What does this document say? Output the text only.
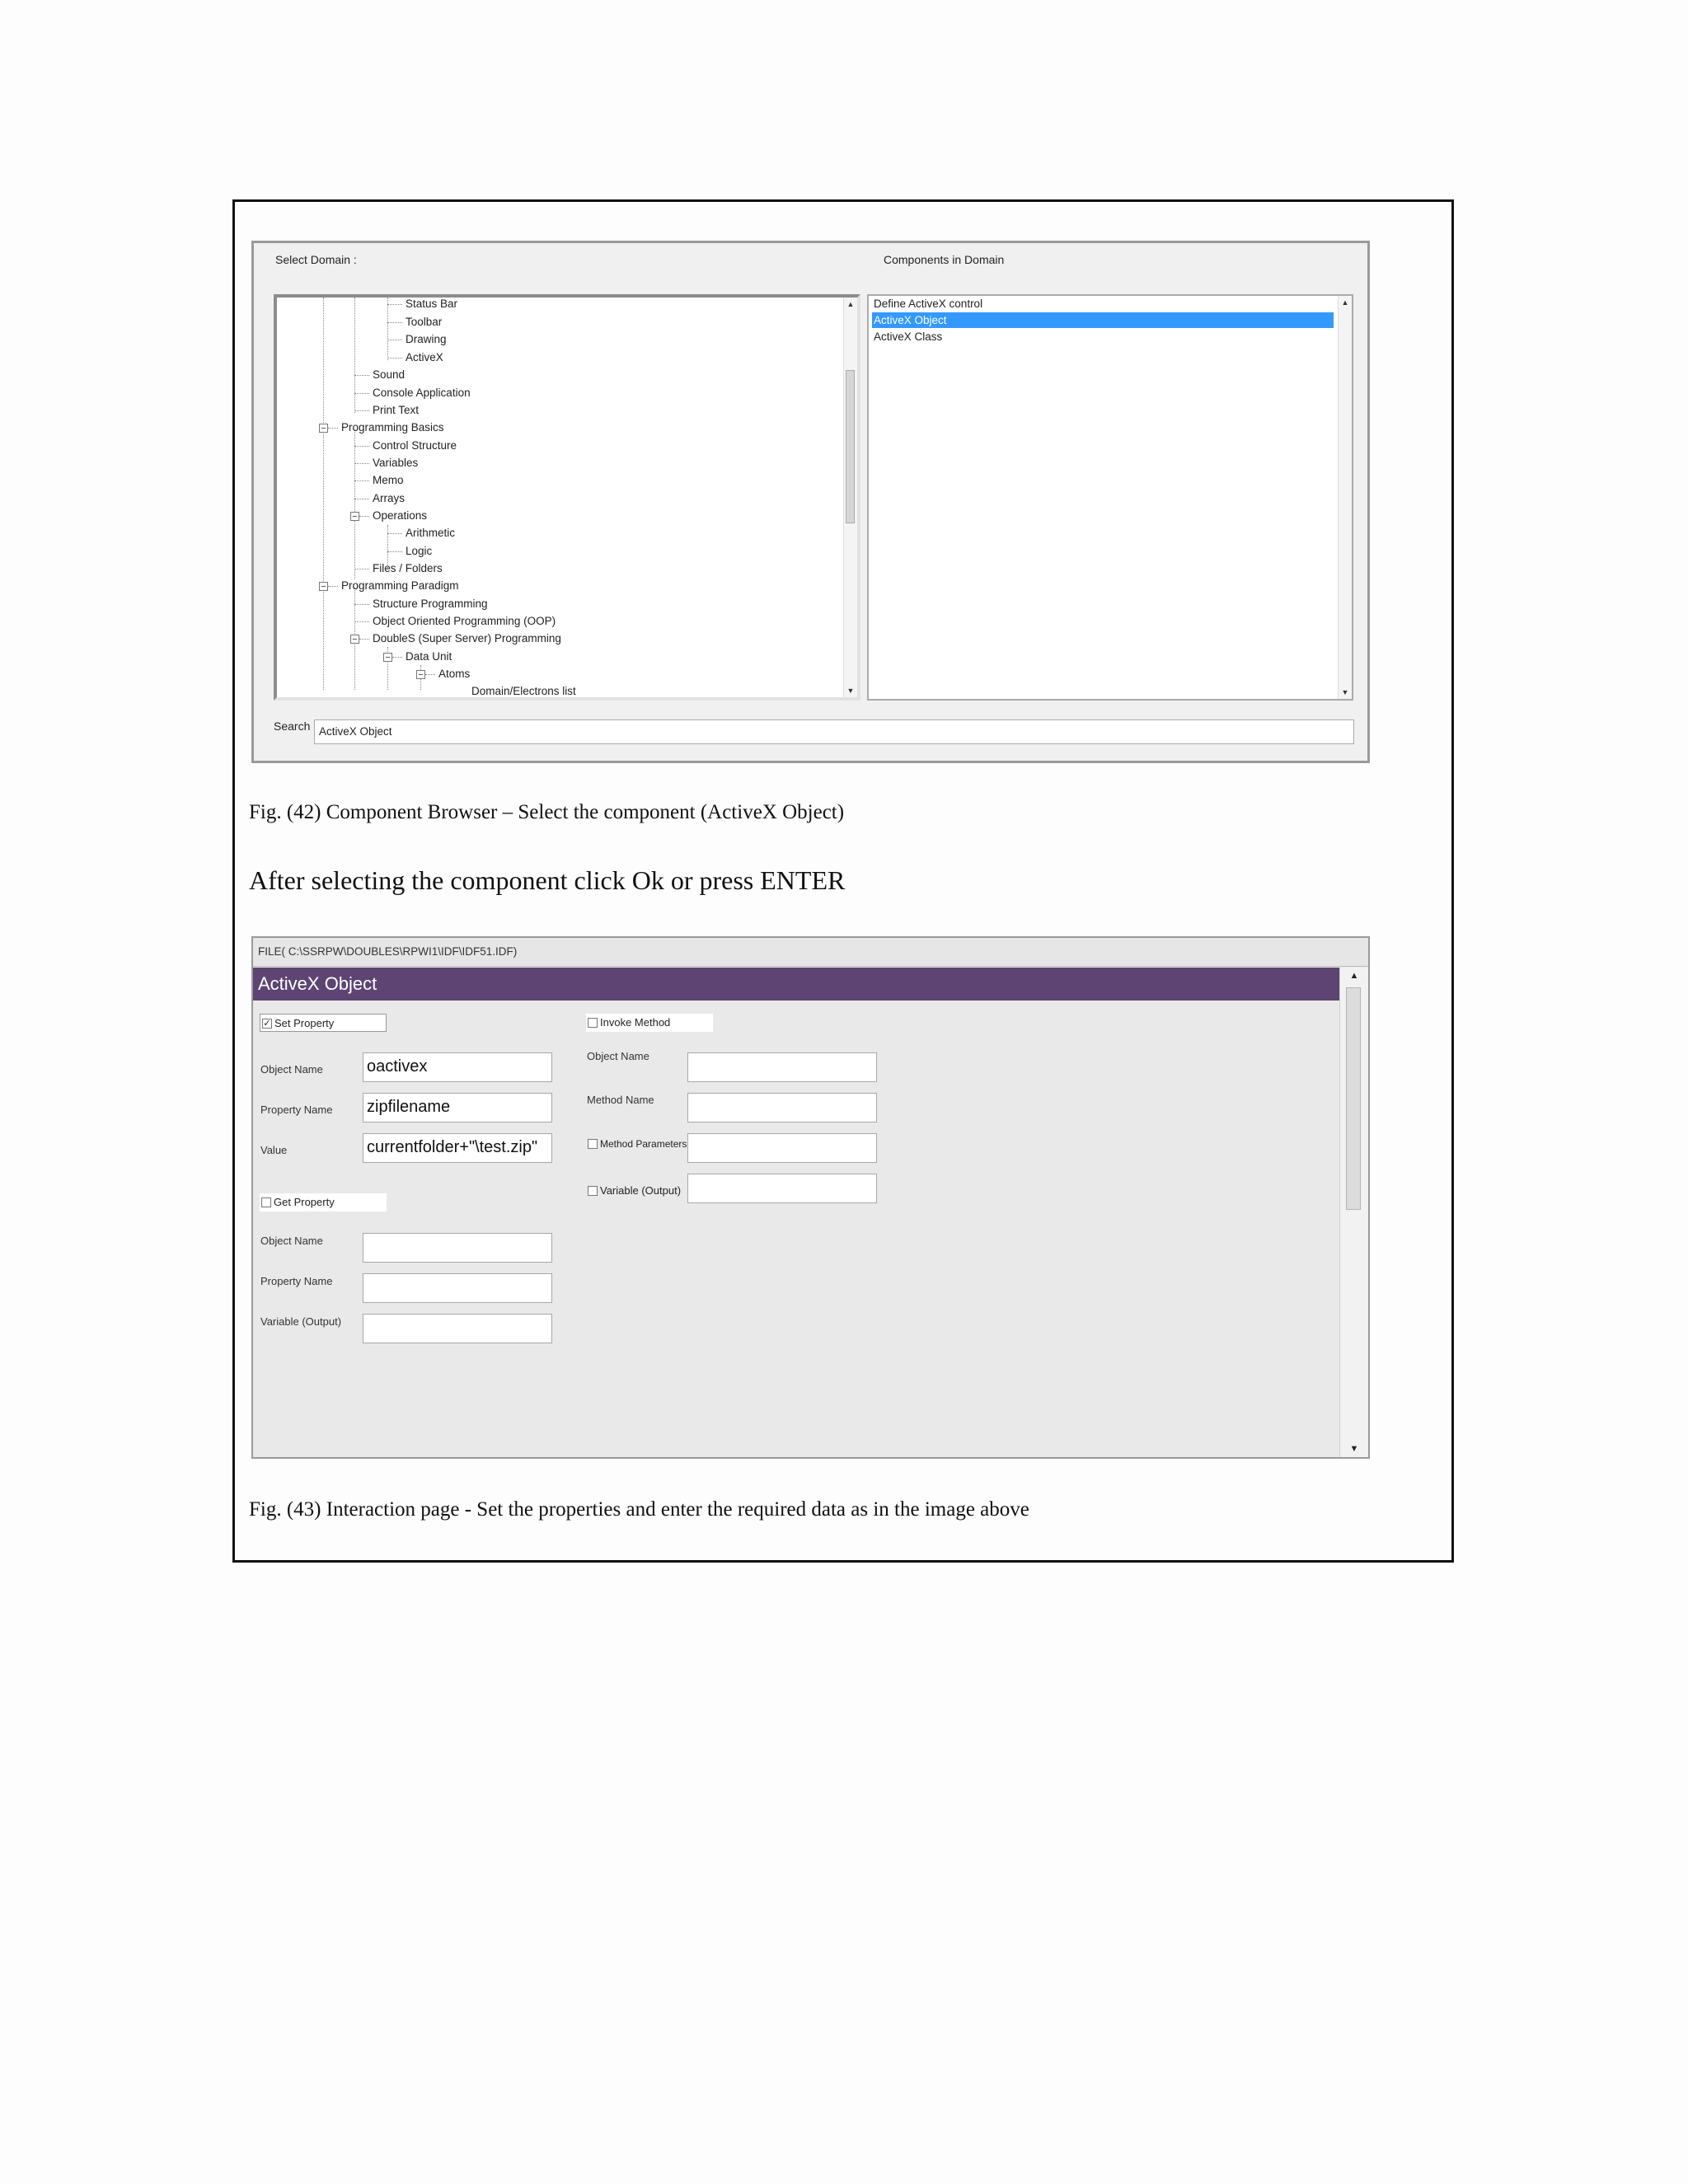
Select Domain :	Components in Domain
−
−
−
−
−
−
Status Bar
Toolbar
Drawing
ActiveX
Sound
Console Application
Print Text
Programming Basics
Control Structure
Variables
Memo
Arrays
Operations
Arithmetic
Logic
Files / Folders
Programming Paradigm
Structure Programming
Object Oriented Programming (OOP)
DoubleS (Super Server) Programming
Data Unit
Atoms
Domain/Electrons list
▲
▼
Define ActiveX control
ActiveX Object
ActiveX Class
▲
▼
Search ActiveX Object
Fig. (42) Component Browser – Select the component (ActiveX Object)
After selecting the component click Ok or press ENTER
FILE( C:\SSRPW\DOUBLES\RPWI1\IDF\IDF51.IDF)
ActiveX Object
✓ Set Property
Object Name	oactivex
Property Name zipfilename
Value	currentfolder+"\test.zip"
Get Property
Object Name
Property Name
Variable (Output)
Invoke Method
Object Name
Method Name
Method Parameters
Variable (Output)
▲
▼
Fig. (43) Interaction page - Set the properties and enter the required data as in the image above
